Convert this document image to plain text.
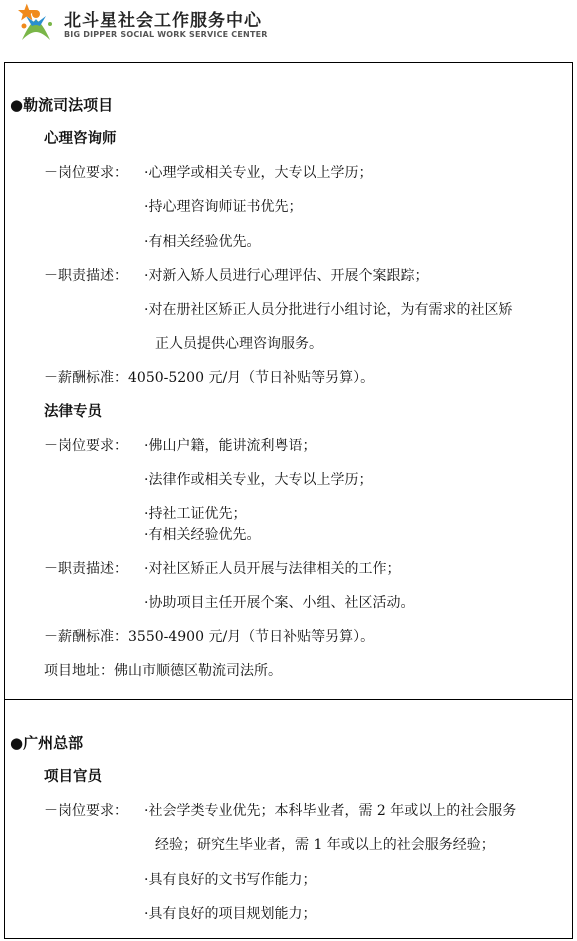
北斗星社会工作服务中心
BIG DIPPER SOCIAL WORK SERVICE CENTER
●勒流司法项目
心理咨询师
－岗位要求： ·心理学或相关专业，大专以上学历；
·持心理咨询师证书优先；
·有相关经验优先。
－职责描述： ·对新入矫人员进行心理评估、开展个案跟踪；
·对在册社区矫正人员分批进行小组讨论，为有需求的社区矫
正人员提供心理咨询服务。
－薪酬标准：4050-5200 元/月（节日补贴等另算）。
法律专员
－岗位要求： ·佛山户籍，能讲流利粤语；
·法律作或相关专业，大专以上学历；
·持社工证优先；
·有相关经验优先。
－职责描述： ·对社区矫正人员开展与法律相关的工作；
·协助项目主任开展个案、小组、社区活动。
－薪酬标准：3550-4900 元/月（节日补贴等另算）。
项目地址：佛山市顺德区勒流司法所。
●广州总部
项目官员
－岗位要求： ·社会学类专业优先；本科毕业者，需 2 年或以上的社会服务
经验；研究生毕业者，需 1 年或以上的社会服务经验；
·具有良好的文书写作能力；
·具有良好的项目规划能力；
